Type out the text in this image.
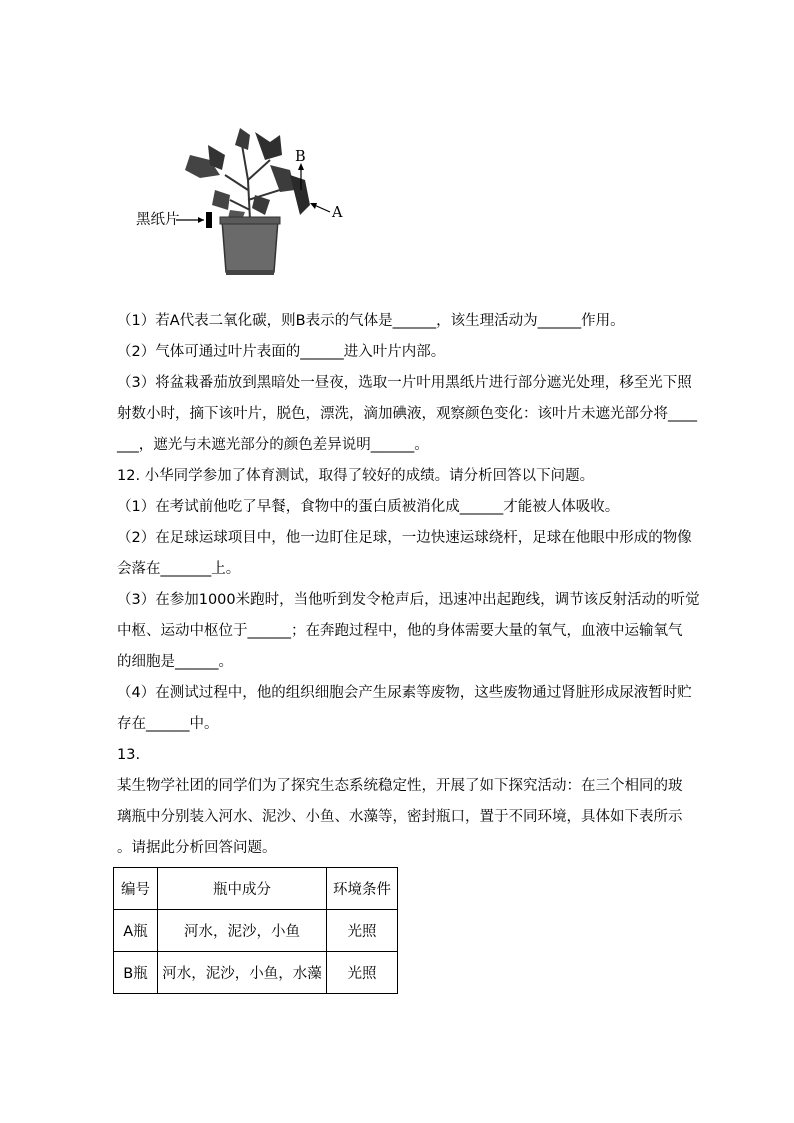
黑纸片
B
A
（1）若A代表二氧化碳，则B表示的气体是______，该生理活动为______作用。
（2）气体可通过叶片表面的______进入叶片内部。
（3）将盆栽番茄放到黑暗处一昼夜，选取一片叶用黑纸片进行部分遮光处理，移至光下照
射数小时，摘下该叶片，脱色，漂洗，滴加碘液，观察颜色变化：该叶片未遮光部分将____
___，遮光与未遮光部分的颜色差异说明______。
12. 小华同学参加了体育测试，取得了较好的成绩。请分析回答以下问题。
（1）在考试前他吃了早餐，食物中的蛋白质被消化成______才能被人体吸收。
（2）在足球运球项目中，他一边盯住足球，一边快速运球绕杆，足球在他眼中形成的物像
会落在_______上。
（3）在参加1000米跑时，当他听到发令枪声后，迅速冲出起跑线，调节该反射活动的听觉
中枢、运动中枢位于______；在奔跑过程中，他的身体需要大量的氧气，血液中运输氧气
的细胞是______。
（4）在测试过程中，他的组织细胞会产生尿素等废物，这些废物通过肾脏形成尿液暂时贮
存在______中。
13.
某生物学社团的同学们为了探究生态系统稳定性，开展了如下探究活动：在三个相同的玻
璃瓶中分别装入河水、泥沙、小鱼、水藻等，密封瓶口，置于不同环境，具体如下表所示
。请据此分析回答问题。
编号	瓶中成分	环境条件
A瓶	河水，泥沙，小鱼	光照
B瓶	河水，泥沙，小鱼，水藻	光照
